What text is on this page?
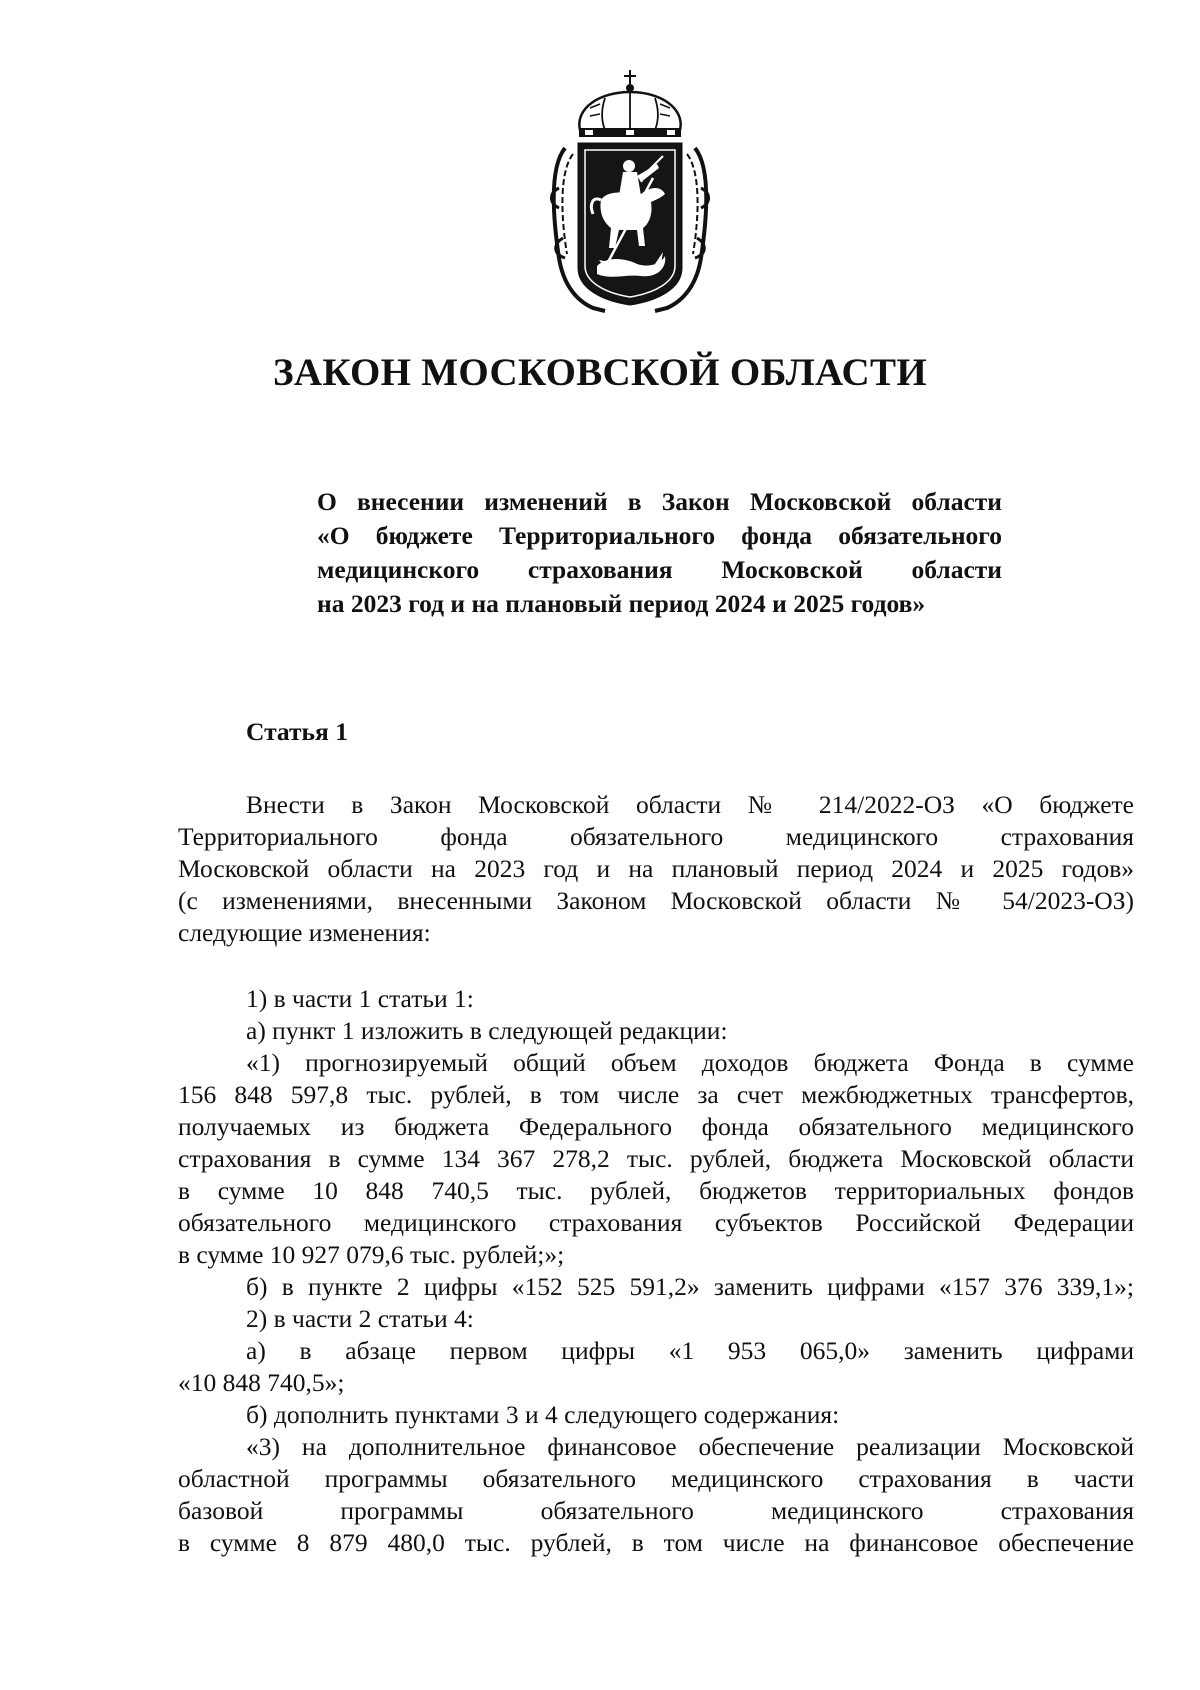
ЗАКОН МОСКОВСКОЙ ОБЛАСТИ
О внесении изменений в Закон Московской области
«О бюджете Территориального фонда обязательного
медицинского страхования Московской области
на 2023 год и на плановый период 2024 и 2025 годов»
Статья 1
Внести в Закон Московской области № 214/2022-ОЗ «О бюджете
Территориального фонда обязательного медицинского страхования
Московской области на 2023 год и на плановый период 2024 и 2025 годов»
(с изменениями, внесенными Законом Московской области № 54/2023-ОЗ)
следующие изменения:
1) в части 1 статьи 1:
а) пункт 1 изложить в следующей редакции:
«1) прогнозируемый общий объем доходов бюджета Фонда в сумме
156 848 597,8 тыс. рублей, в том числе за счет межбюджетных трансфертов,
получаемых из бюджета Федерального фонда обязательного медицинского
страхования в сумме 134 367 278,2 тыс. рублей, бюджета Московской области
в сумме 10 848 740,5 тыс. рублей, бюджетов территориальных фондов
обязательного медицинского страхования субъектов Российской Федерации
в сумме 10 927 079,6 тыс. рублей;»;
б) в пункте 2 цифры «152 525 591,2» заменить цифрами «157 376 339,1»;
2) в части 2 статьи 4:
а) в абзаце первом цифры «1 953 065,0» заменить цифрами
«10 848 740,5»;
б) дополнить пунктами 3 и 4 следующего содержания:
«3) на дополнительное финансовое обеспечение реализации Московской
областной программы обязательного медицинского страхования в части
базовой программы обязательного медицинского страхования
в сумме 8 879 480,0 тыс. рублей, в том числе на финансовое обеспечение
